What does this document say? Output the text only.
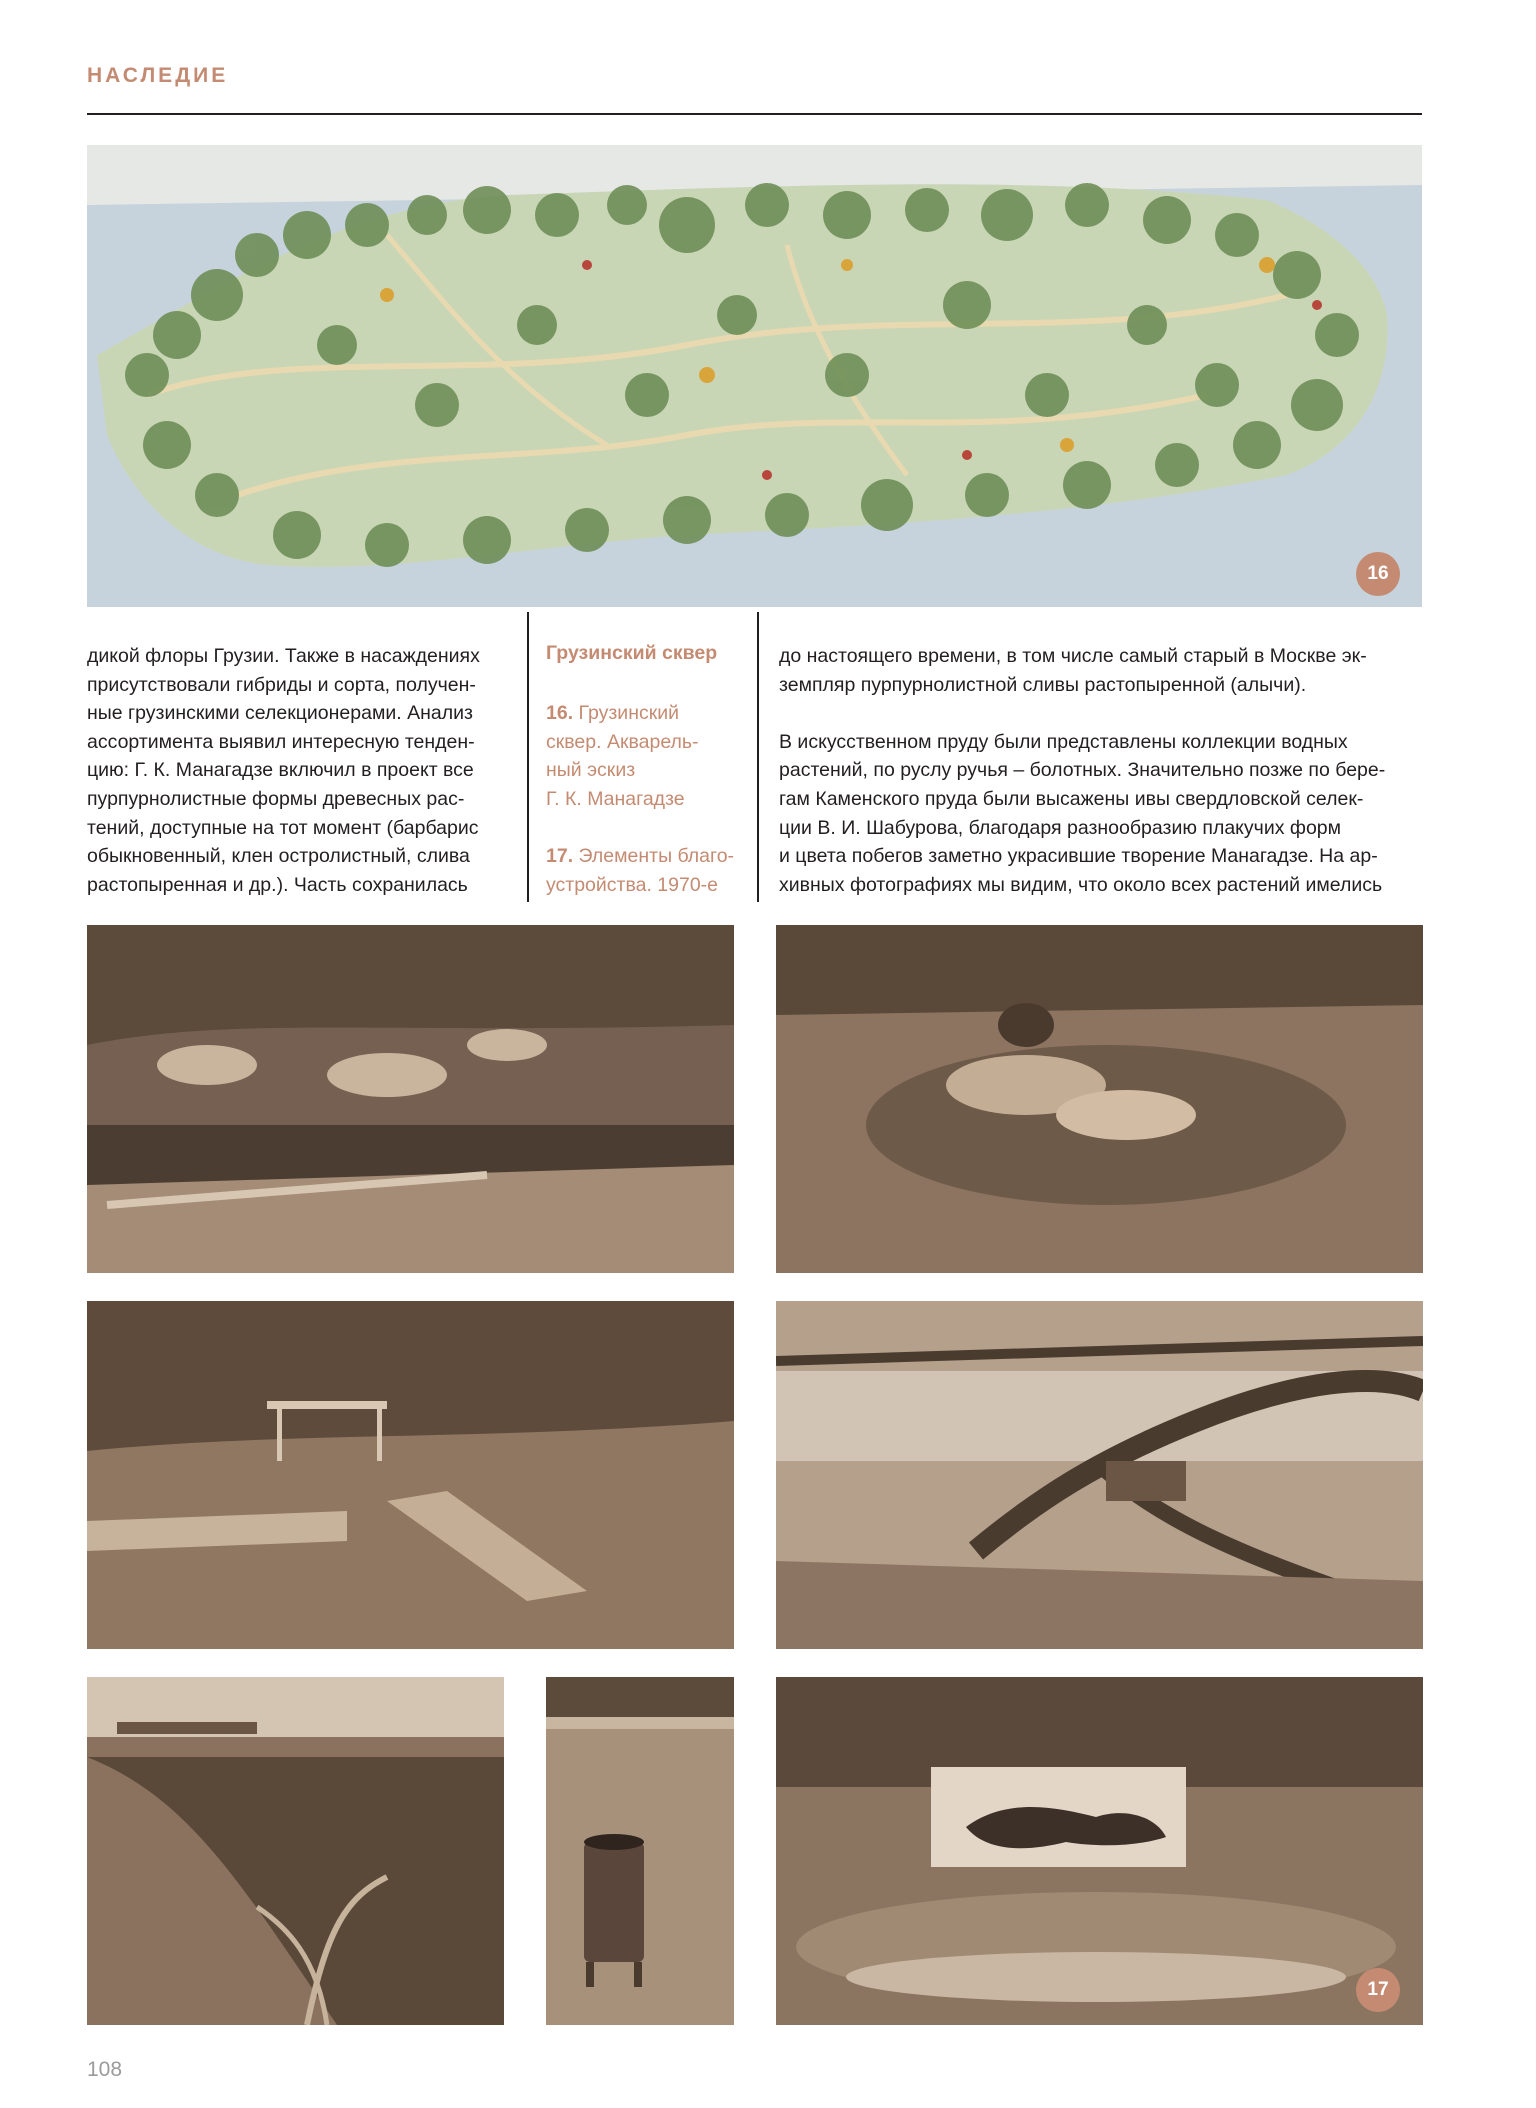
НАСЛЕДИЕ
16

дикой флоры Грузии. Также в насаждениях

присутствовали гибриды и сорта, получен-

ные грузинскими селекционерами. Анализ

ассортимента выявил интересную тенден-

цию: Г. К. Манагадзе включил в проект все

пурпурнолистные формы древесных рас-

тений, доступные на тот момент (барбарис

обыкновенный, клен остролистный, слива

растопыренная и др.). Часть сохранилась

Грузинский сквер
16. Грузинский
сквер. Акварель-
ный эскиз
Г. К. Манагадзе
17. Элементы благо-
устройства. 1970-е

до настоящего времени, в том числе самый старый в Москве эк-

земпляр пурпурнолистной сливы растопыренной (алычи).

В искусственном пруду были представлены коллекции водных

растений, по руслу ручья – болотных. Значительно позже по бере-

гам Каменского пруда были высажены ивы свердловской селек-

ции В. И. Шабурова, благодаря разнообразию плакучих форм

и цвета побегов заметно украсившие творение Манагадзе. На ар-

хивных фотографиях мы видим, что около всех растений имелись

17
108
